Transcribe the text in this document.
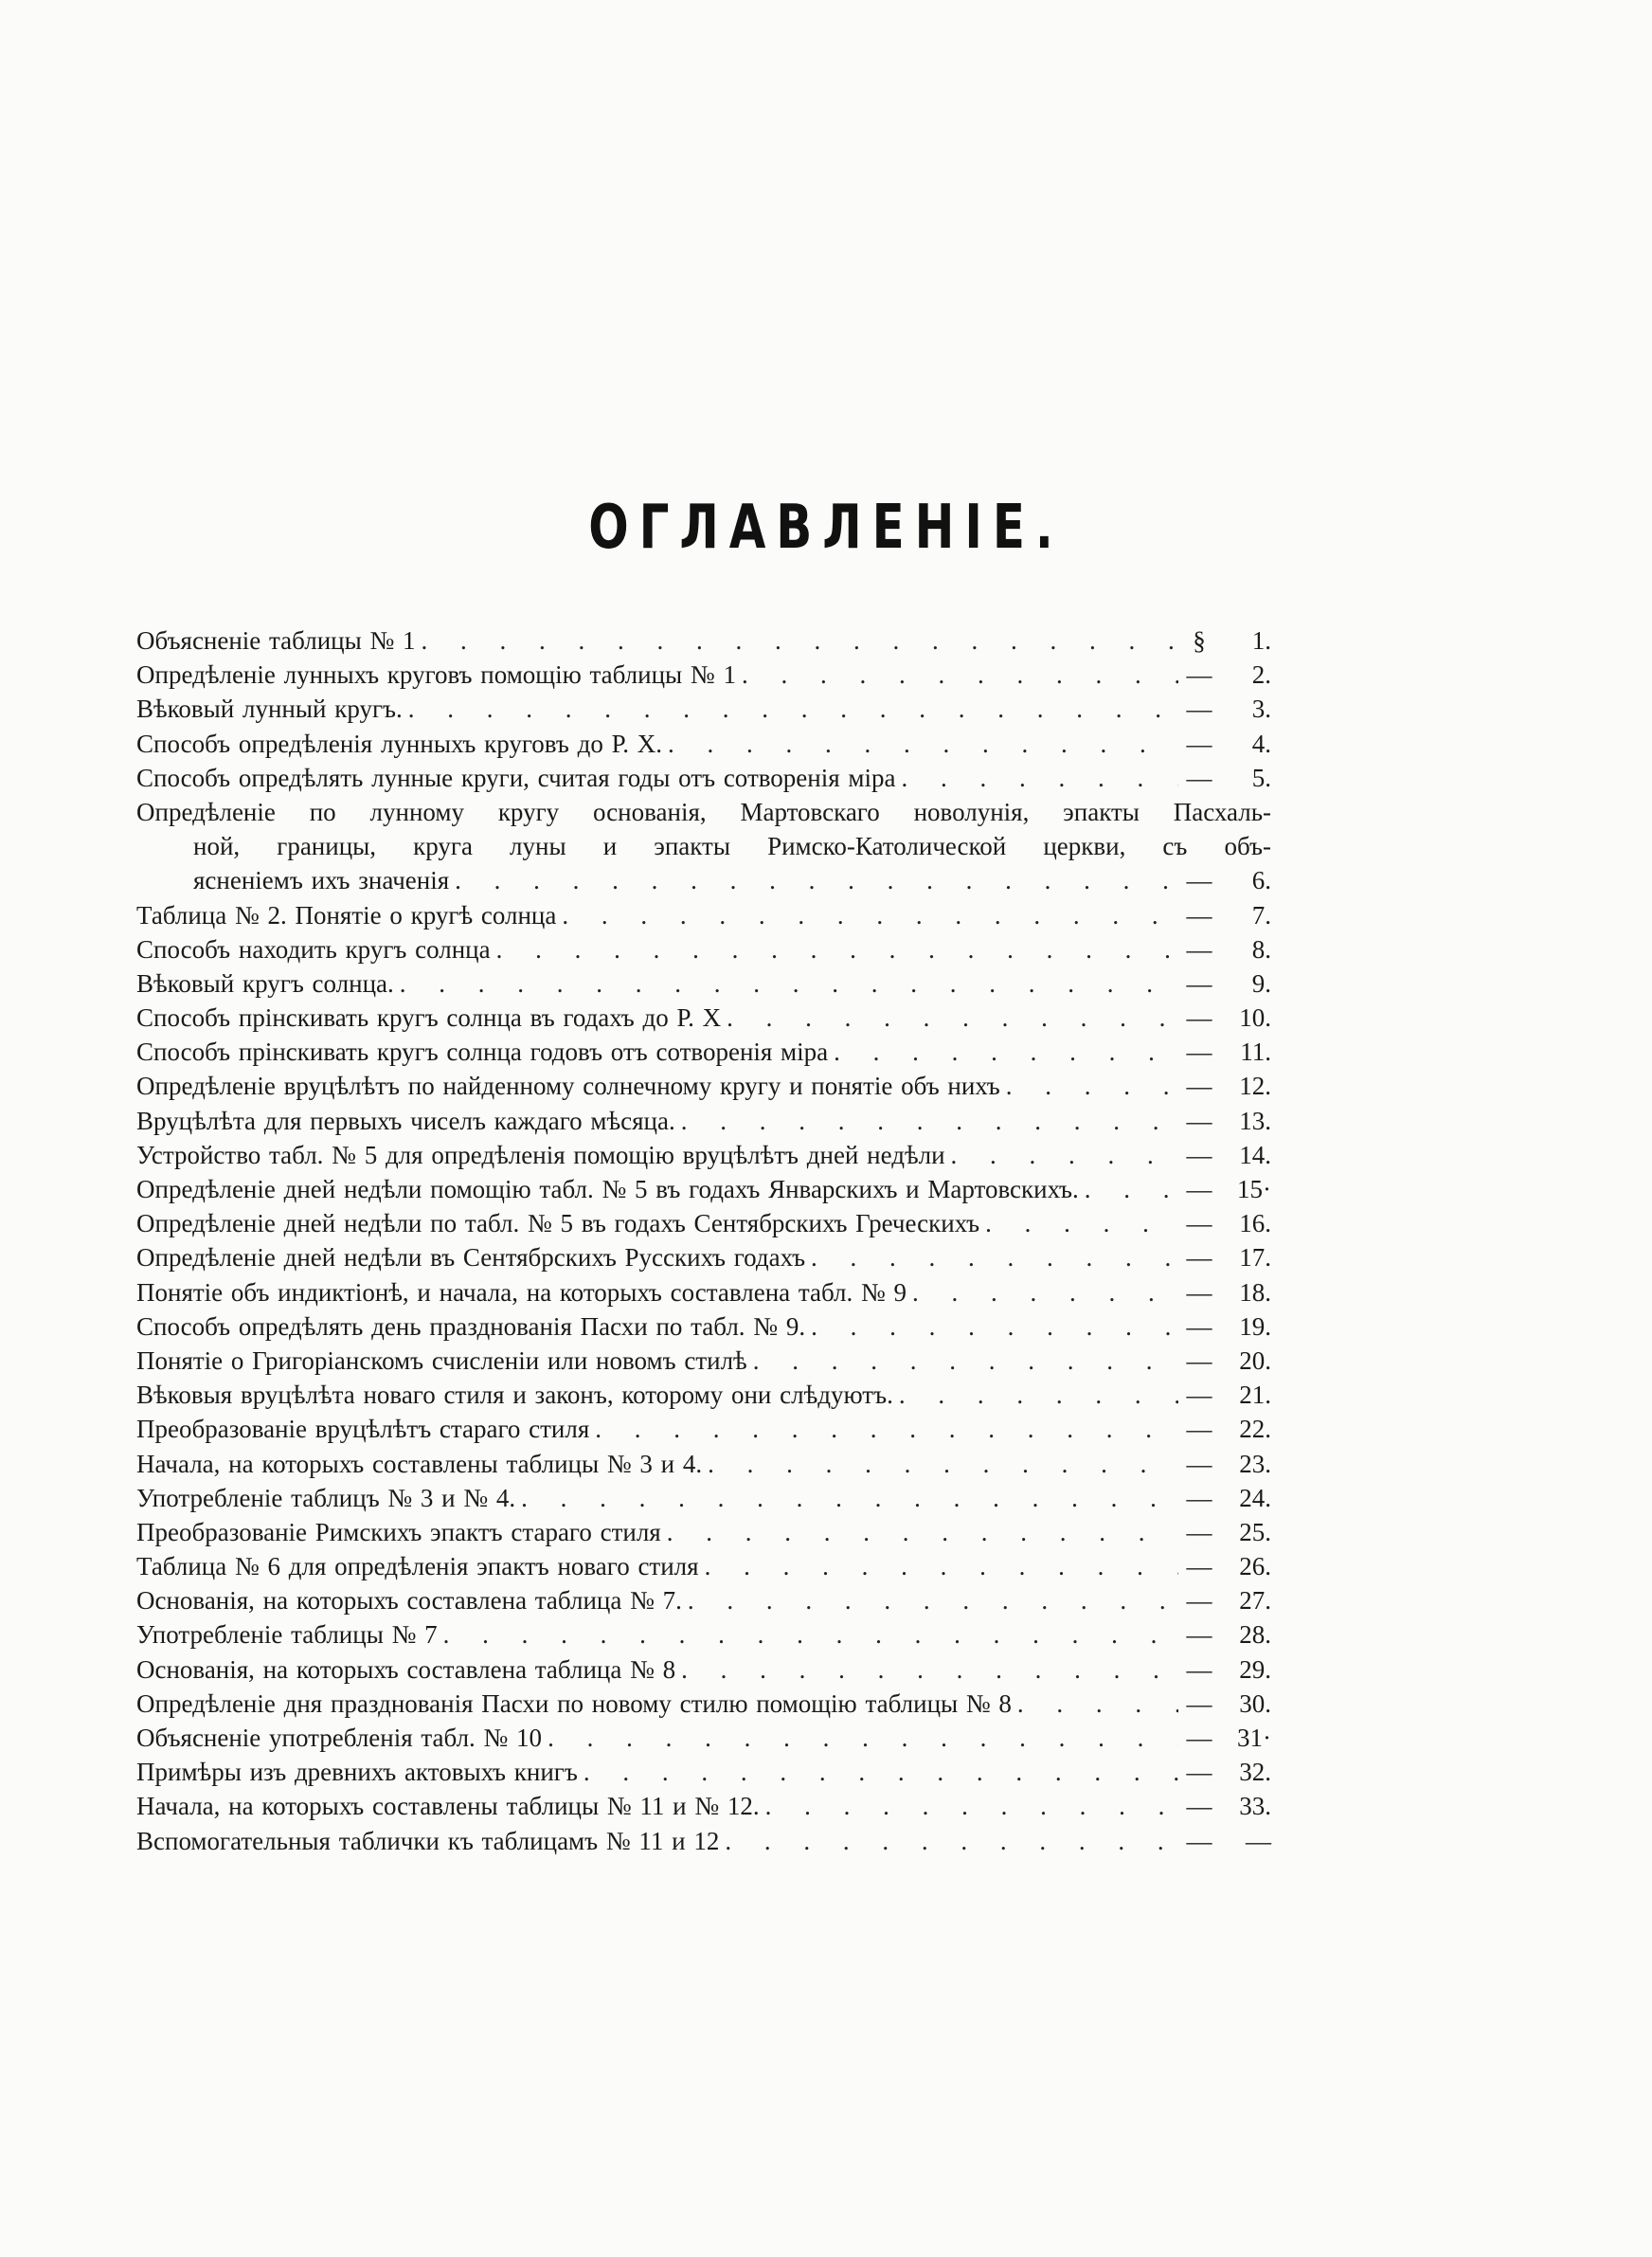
ОГЛАВЛЕНІЕ.
Объясненіе таблицы № 1 . . .	§	1.
Опредѣленіе лунныхъ круговъ помощію таблицы № 1 . . .	—	2.
Вѣковый лунный кругъ. . . .	—	3.
Способъ опредѣленія лунныхъ круговъ до Р. Х. . . .	—	4.
Способъ опредѣлять лунные круги, считая годы отъ сотворенія міра . . .	—	5.
Опредѣленіе по лунному кругу основанія, Мартовскаго новолунія, эпакты Пасхаль-
ной, границы, круга луны и эпакты Римско-Католической церкви, съ объ-
ясненіемъ ихъ значенія . . .	—	6.
Таблица № 2. Понятіе о кругѣ солнца . . .	—	7.
Способъ находить кругъ солнца . . .	—	8.
Вѣковый кругъ солнца. . . .	—	9.
Способъ прінскивать кругъ солнца въ годахъ до Р. Х . . .	—	10.
Способъ прінскивать кругъ солнца годовъ отъ сотворенія міра . . .	—	11.
Опредѣленіе вруцѣлѣтъ по найденному солнечному кругу и понятіе объ нихъ . . .	—	12.
Вруцѣлѣта для первыхъ чиселъ каждаго мѣсяца. . . .	—	13.
Устройство табл. № 5 для опредѣленія помощію вруцѣлѣтъ дней недѣли . . .	—	14.
Опредѣленіе дней недѣли помощію табл. № 5 въ годахъ Январскихъ и Мартовскихъ. . . .	— 15·
Опредѣленіе дней недѣли по табл. № 5 въ годахъ Сентябрскихъ Греческихъ . . .	—	16.
Опредѣленіе дней недѣли въ Сентябрскихъ Русскихъ годахъ . . .	—	17.
Понятіе объ индиктіонѣ, и начала, на которыхъ составлена табл. № 9 . . .	—	18.
Способъ опредѣлять день празднованія Пасхи по табл. № 9. . . .	—	19.
Понятіе о Григоріанскомъ счисленіи или новомъ стилѣ . . .	—	20.
Вѣковыя вруцѣлѣта новаго стиля и законъ, которому они слѣдуютъ. . . .	—	21.
Преобразованіе вруцѣлѣтъ стараго стиля . . .	—	22.
Начала, на которыхъ составлены таблицы № 3 и 4. . . .	—	23.
Употребленіе таблицъ № 3 и № 4. . . .	—	24.
Преобразованіе Римскихъ эпактъ стараго стиля . . .	—	25.
Таблица № 6 для опредѣленія эпактъ новаго стиля . . .	—	26.
Основанія, на которыхъ составлена таблица № 7. . . .	—	27.
Употребленіе таблицы № 7 . . .	—	28.
Основанія, на которыхъ составлена таблица № 8 . . .	—	29.
Опредѣленіе дня празднованія Пасхи по новому стилю помощію таблицы № 8 . . .	—	30.
Объясненіе употребленія табл. № 10 . . .	— 31·
Примѣры изъ древнихъ актовыхъ книгъ . . .	—	32.
Начала, на которыхъ составлены таблицы № 11 и № 12. . . .	—	33.
Вспомогательныя таблички къ таблицамъ № 11 и 12 . . .	—	—
